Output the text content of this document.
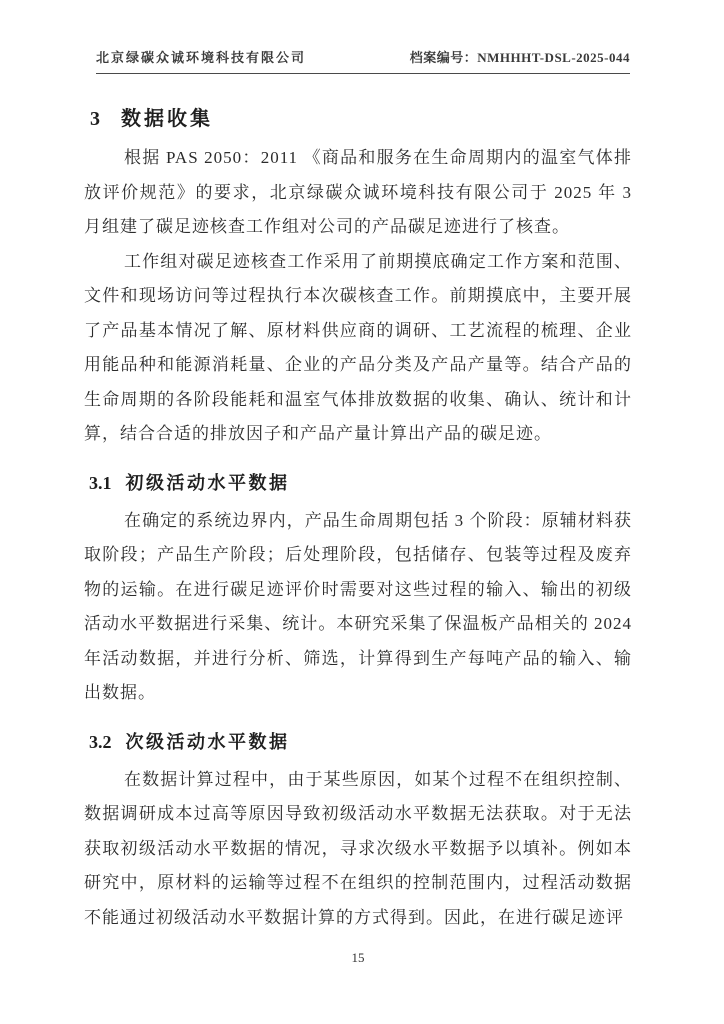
北京绿碳众诚环境科技有限公司	档案编号：NMHHHT-DSL-2025-044
3 数据收集

根据 PAS 2050：2011 《商品和服务在生命周期内的温室气体排放评价规范》的要求，北京绿碳众诚环境科技有限公司于 2025 年 3 月组建了碳足迹核查工作组对公司的产品碳足迹进行了核查。

工作组对碳足迹核查工作采用了前期摸底确定工作方案和范围、文件和现场访问等过程执行本次碳核查工作。前期摸底中，主要开展了产品基本情况了解、原材料供应商的调研、工艺流程的梳理、企业用能品种和能源消耗量、企业的产品分类及产品产量等。结合产品的生命周期的各阶段能耗和温室气体排放数据的收集、确认、统计和计算，结合合适的排放因子和产品产量计算出产品的碳足迹。

3.1 初级活动水平数据

在确定的系统边界内，产品生命周期包括 3 个阶段：原辅材料获取阶段；产品生产阶段；后处理阶段，包括储存、包装等过程及废弃物的运输。在进行碳足迹评价时需要对这些过程的输入、输出的初级活动水平数据进行采集、统计。本研究采集了保温板产品相关的 2024 年活动数据，并进行分析、筛选，计算得到生产每吨产品的输入、输出数据。

3.2 次级活动水平数据

在数据计算过程中，由于某些原因，如某个过程不在组织控制、数据调研成本过高等原因导致初级活动水平数据无法获取。对于无法获取初级活动水平数据的情况，寻求次级水平数据予以填补。例如本研究中，原材料的运输等过程不在组织的控制范围内，过程活动数据不能通过初级活动水平数据计算的方式得到。因此，在进行碳足迹评

15
